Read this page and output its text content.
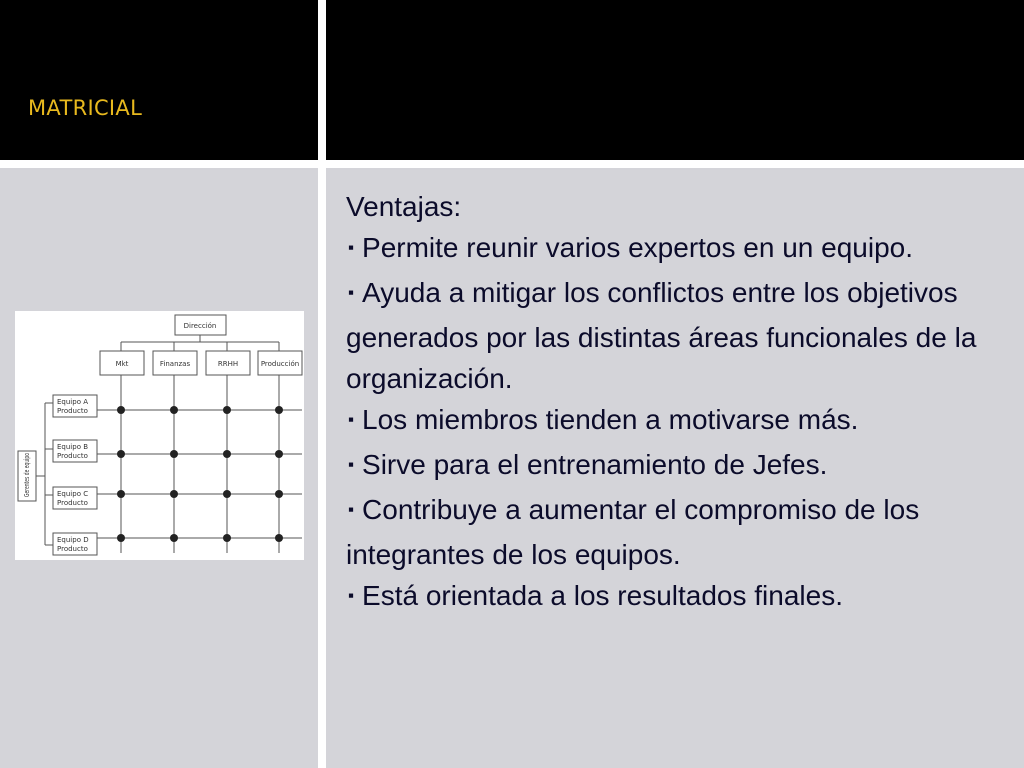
MATRICIAL
Dirección
Mkt	Finanzas	RRHH	Producción
Equipo A
Producto
Equipo B
Producto
Equipo C
Producto
Equipo D
Producto
Gerentes de equipo

Ventajas:

▪ Permite reunir varios expertos en un equipo.
▪ Ayuda a mitigar los conflictos entre los objetivos generados por las distintas áreas funcionales de la organización.
▪ Los miembros tienden a motivarse más.
▪ Sirve para el entrenamiento de Jefes.
▪ Contribuye a aumentar el compromiso de los integrantes de los equipos.
▪ Está orientada a los resultados finales.
